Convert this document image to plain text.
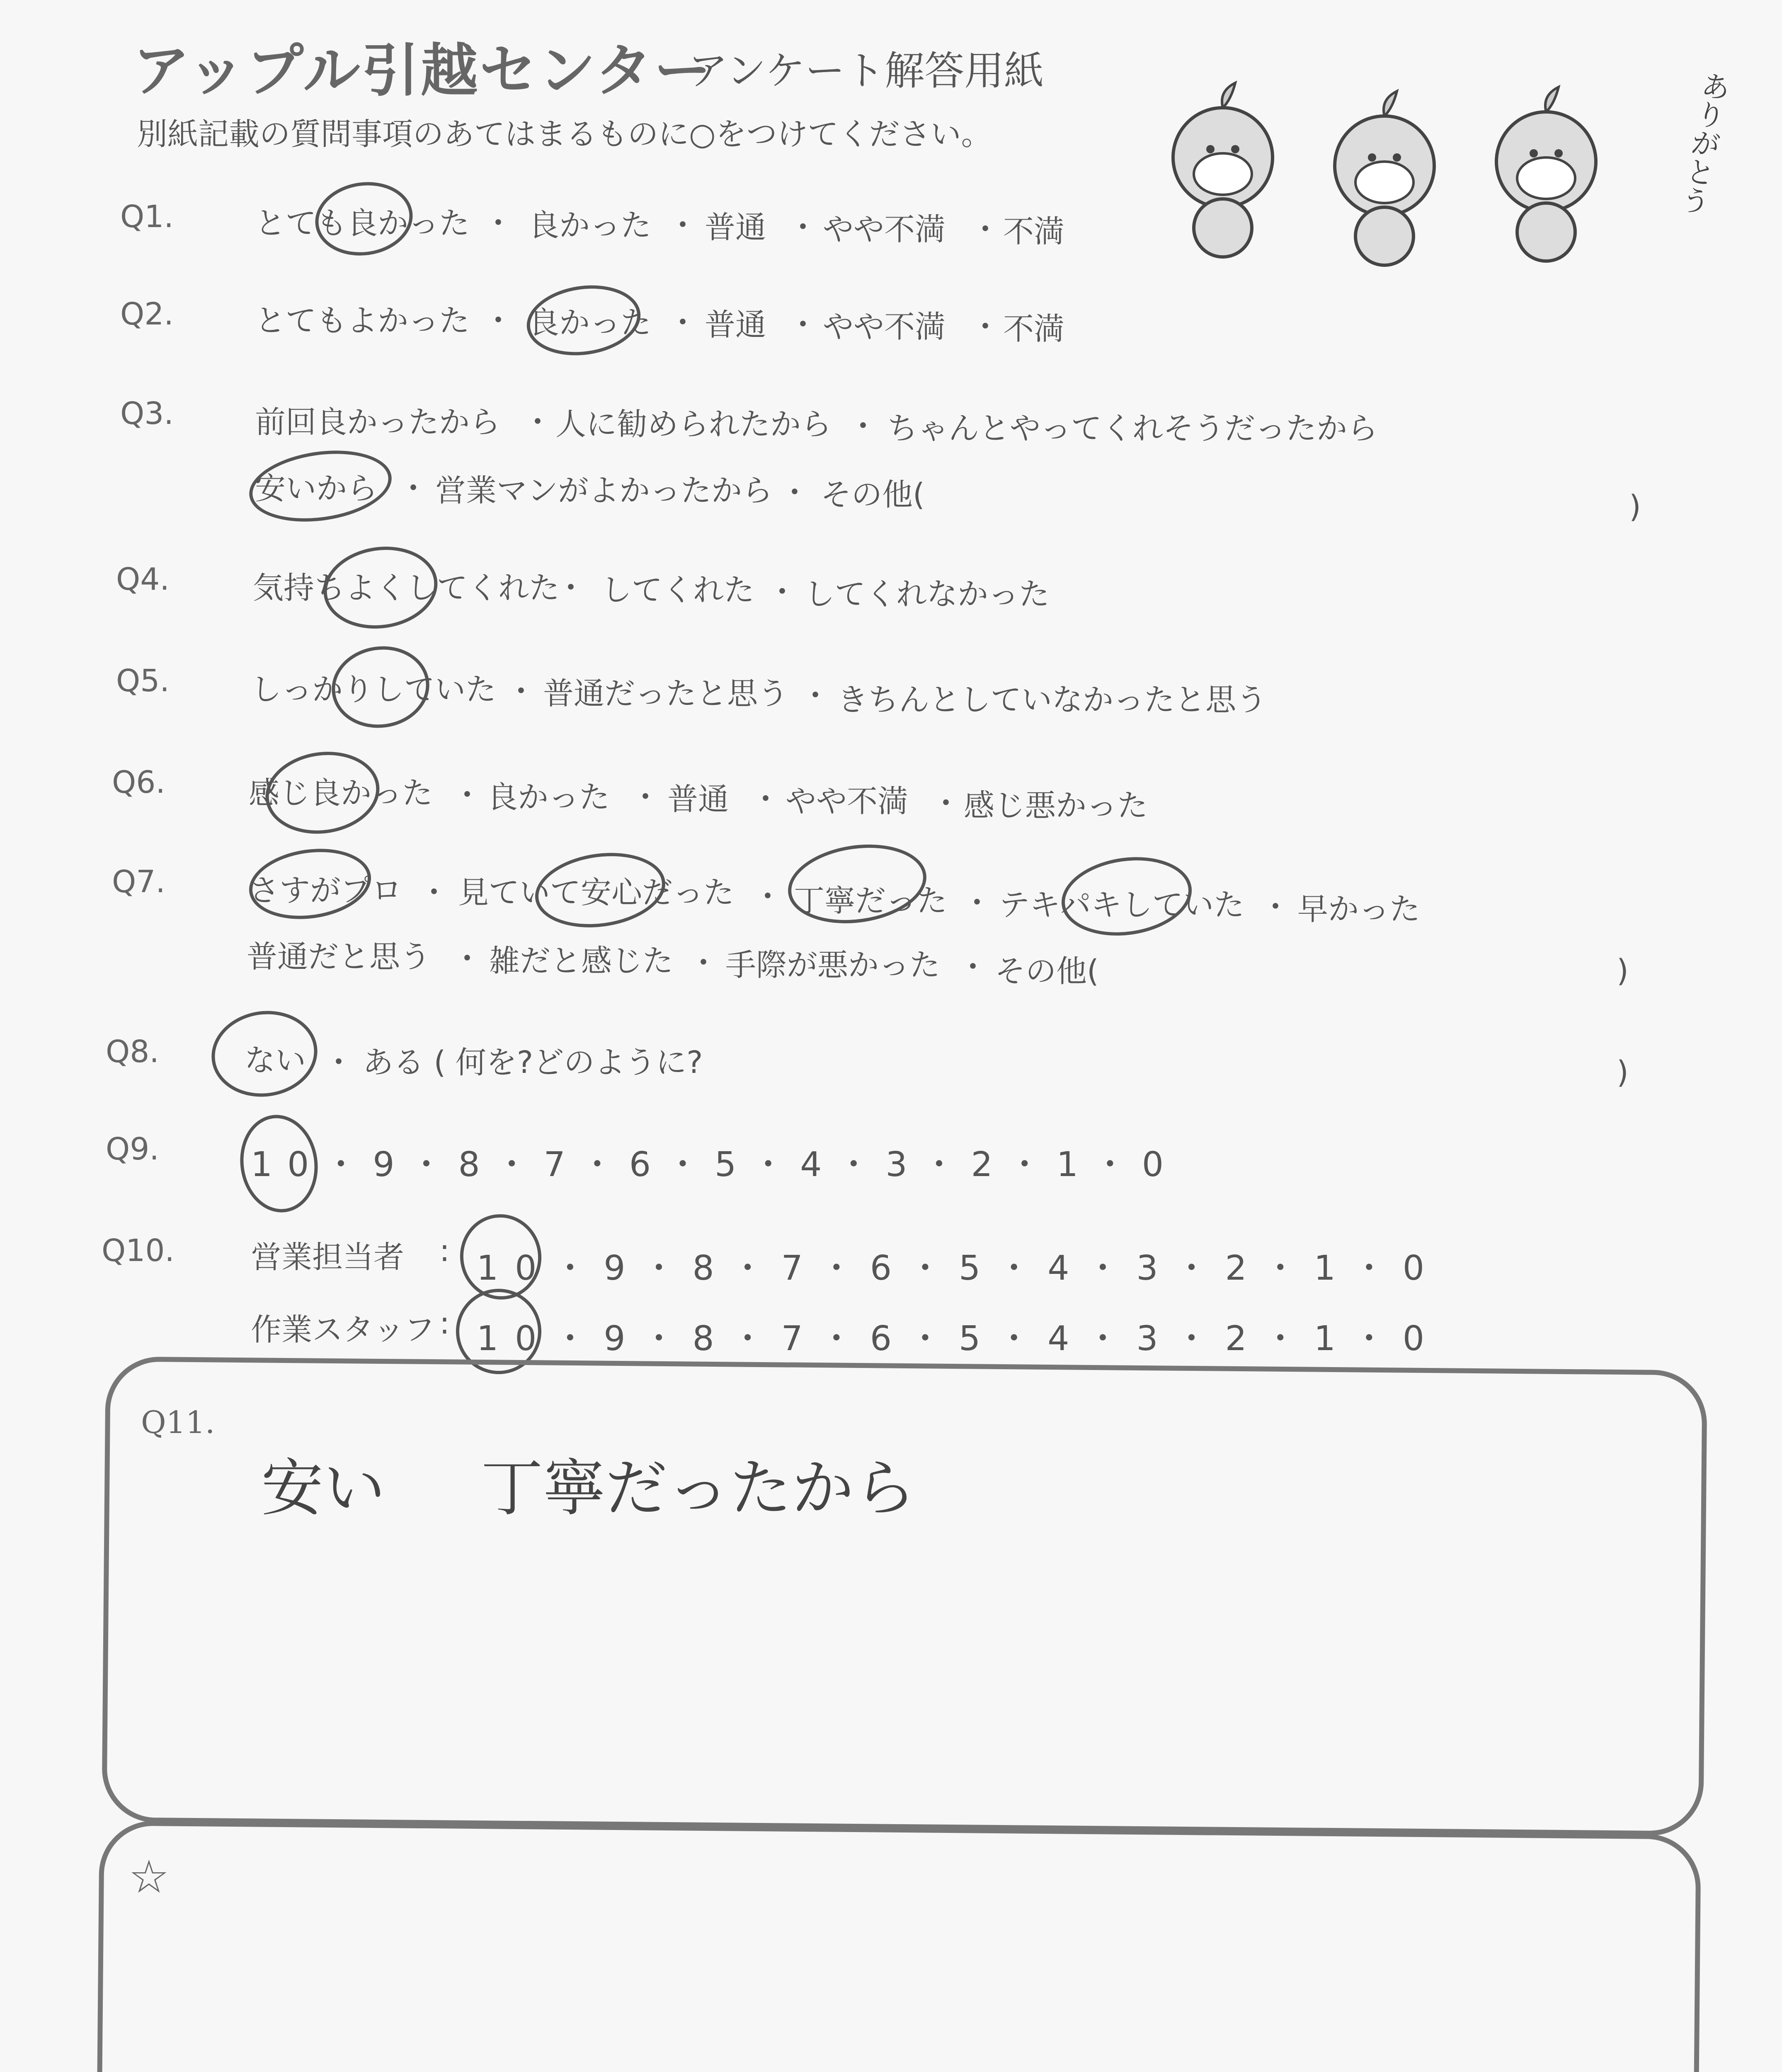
アップル引越センター
アンケート解答用紙
別紙記載の質問事項のあてはまるものに○をつけてください。	ありがとう
Q1.	とても良かった ・ 良かった ・ 普通 ・ やや不満 ・ 不満
Q2.	とてもよかった ・ 良かった ・ 普通 ・ やや不満 ・ 不満
Q3.	前回良かったから ・ 人に勧められたから ・ ちゃんとやってくれそうだったから
安いから ・ 営業マンがよかったから ・ その他(	)
Q4.	気持ちよくしてくれた
・ してくれた ・ してくれなかった
Q5.	しっかりしていた ・ 普通だったと思う ・ きちんとしていなかったと思う
Q6.	感じ良かった ・ 良かった ・ 普通 ・ やや不満 ・ 感じ悪かった
Q7.	さすがプロ ・ 見ていて安心だった ・ 丁寧だった ・ テキパキしていた ・ 早かった
普通だと思う ・ 雑だと感じた ・ 手際が悪かった ・ その他(	)
Q8.	ない ・ ある ( 何を?どのように?	)
Q9.	10・9・8・7・6・5・4・3・2・1・0
Q10. 営業担当者 : 10・9・8・7・6・5・4・3・2・1・0
作業スタッフ : 10・9・8・7・6・5・4・3・2・1・0
Q11.
安い 丁寧だったから
☆
